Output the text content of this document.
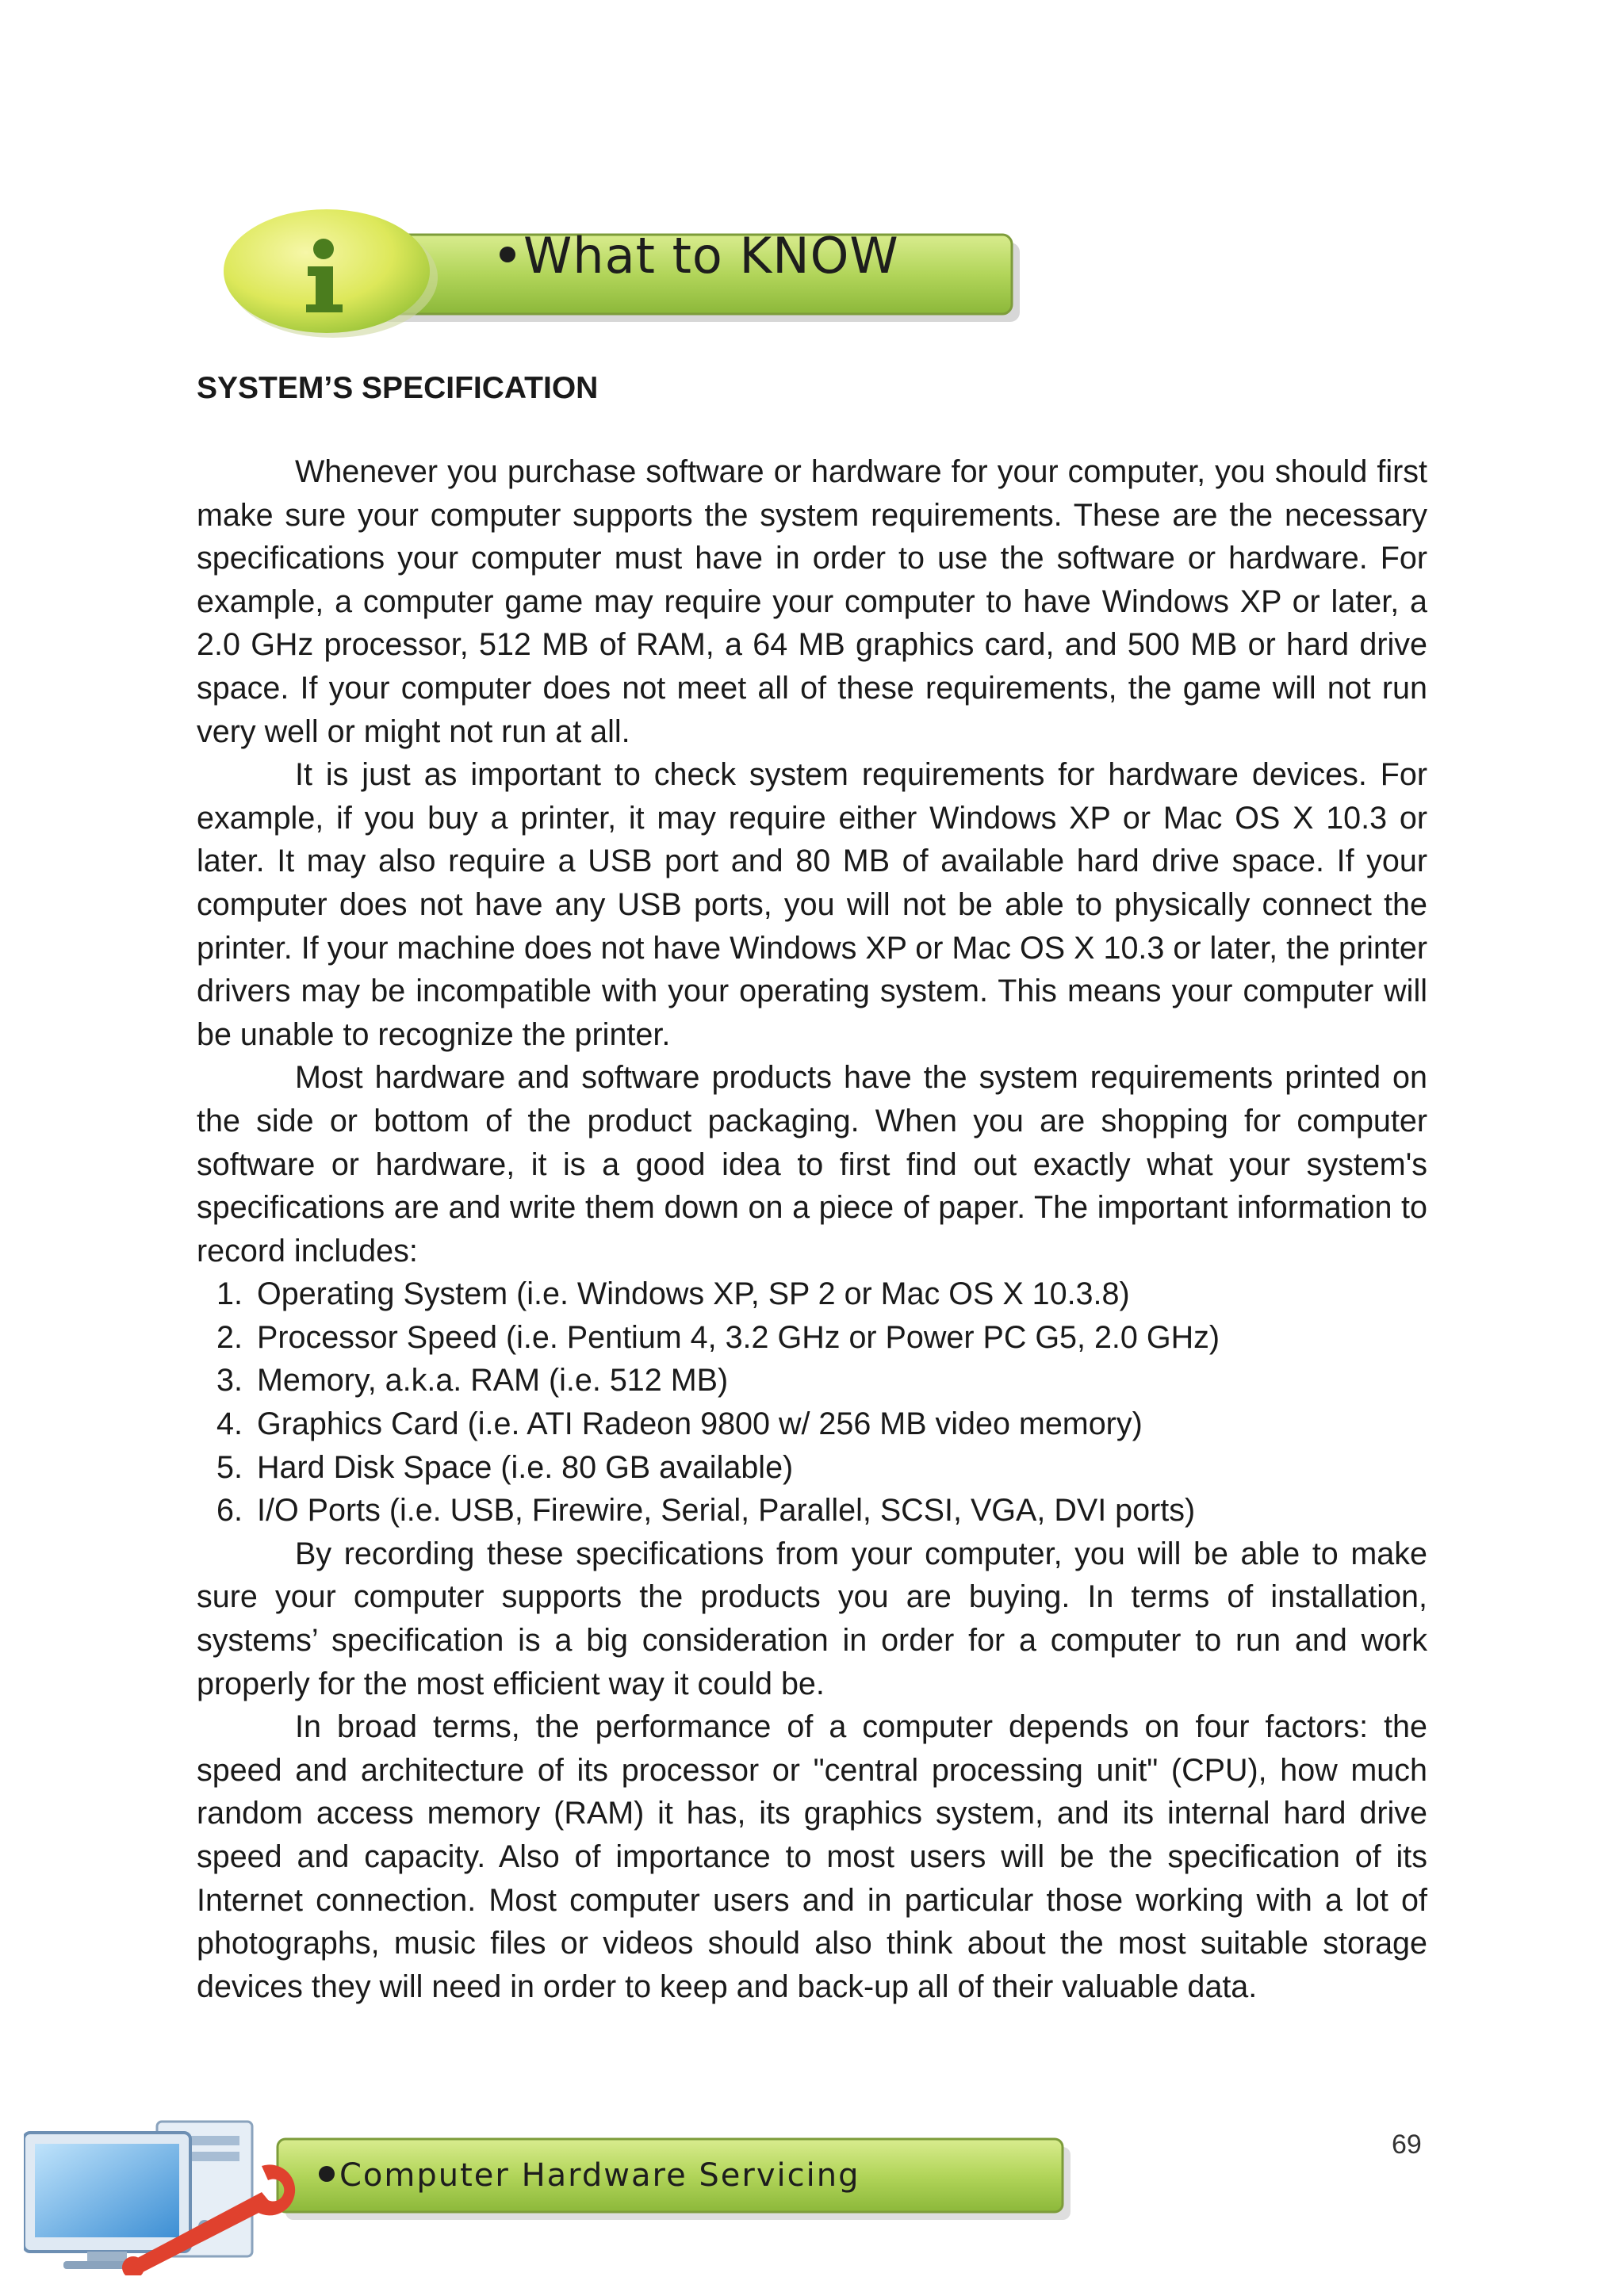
What to KNOW
SYSTEM’S SPECIFICATION

Whenever you purchase software or hardware for your computer, you should first make sure your computer supports the system requirements. These are the necessary specifications your computer must have in order to use the software or hardware. For example, a computer game may require your computer to have Windows XP or later, a 2.0 GHz processor, 512 MB of RAM, a 64 MB graphics card, and 500 MB or hard drive space. If your computer does not meet all of these requirements, the game will not run very well or might not run at all.

It is just as important to check system requirements for hardware devices. For example, if you buy a printer, it may require either Windows XP or Mac OS X 10.3 or later. It may also require a USB port and 80 MB of available hard drive space. If your computer does not have any USB ports, you will not be able to physically connect the printer. If your machine does not have Windows XP or Mac OS X 10.3 or later, the printer drivers may be incompatible with your operating system. This means your computer will be unable to recognize the printer.

Most hardware and software products have the system requirements printed on the side or bottom of the product packaging. When you are shopping for computer software or hardware, it is a good idea to first find out exactly what your system's specifications are and write them down on a piece of paper. The important information to record includes:

1. Operating System (i.e. Windows XP, SP 2 or Mac OS X 10.3.8)
2. Processor Speed (i.e. Pentium 4, 3.2 GHz or Power PC G5, 2.0 GHz)
3. Memory, a.k.a. RAM (i.e. 512 MB)
4. Graphics Card (i.e. ATI Radeon 9800 w/ 256 MB video memory)
5. Hard Disk Space (i.e. 80 GB available)
6. I/O Ports (i.e. USB, Firewire, Serial, Parallel, SCSI, VGA, DVI ports)

By recording these specifications from your computer, you will be able to make sure your computer supports the products you are buying. In terms of installation, systems’ specification is a big consideration in order for a computer to run and work properly for the most efficient way it could be.

In broad terms, the performance of a computer depends on four factors: the speed and architecture of its processor or "central processing unit" (CPU), how much random access memory (RAM) it has, its graphics system, and its internal hard drive speed and capacity. Also of importance to most users will be the specification of its Internet connection. Most computer users and in particular those working with a lot of photographs, music files or videos should also think about the most suitable storage devices they will need in order to keep and back-up all of their valuable data.

69
Computer Hardware Servicing
